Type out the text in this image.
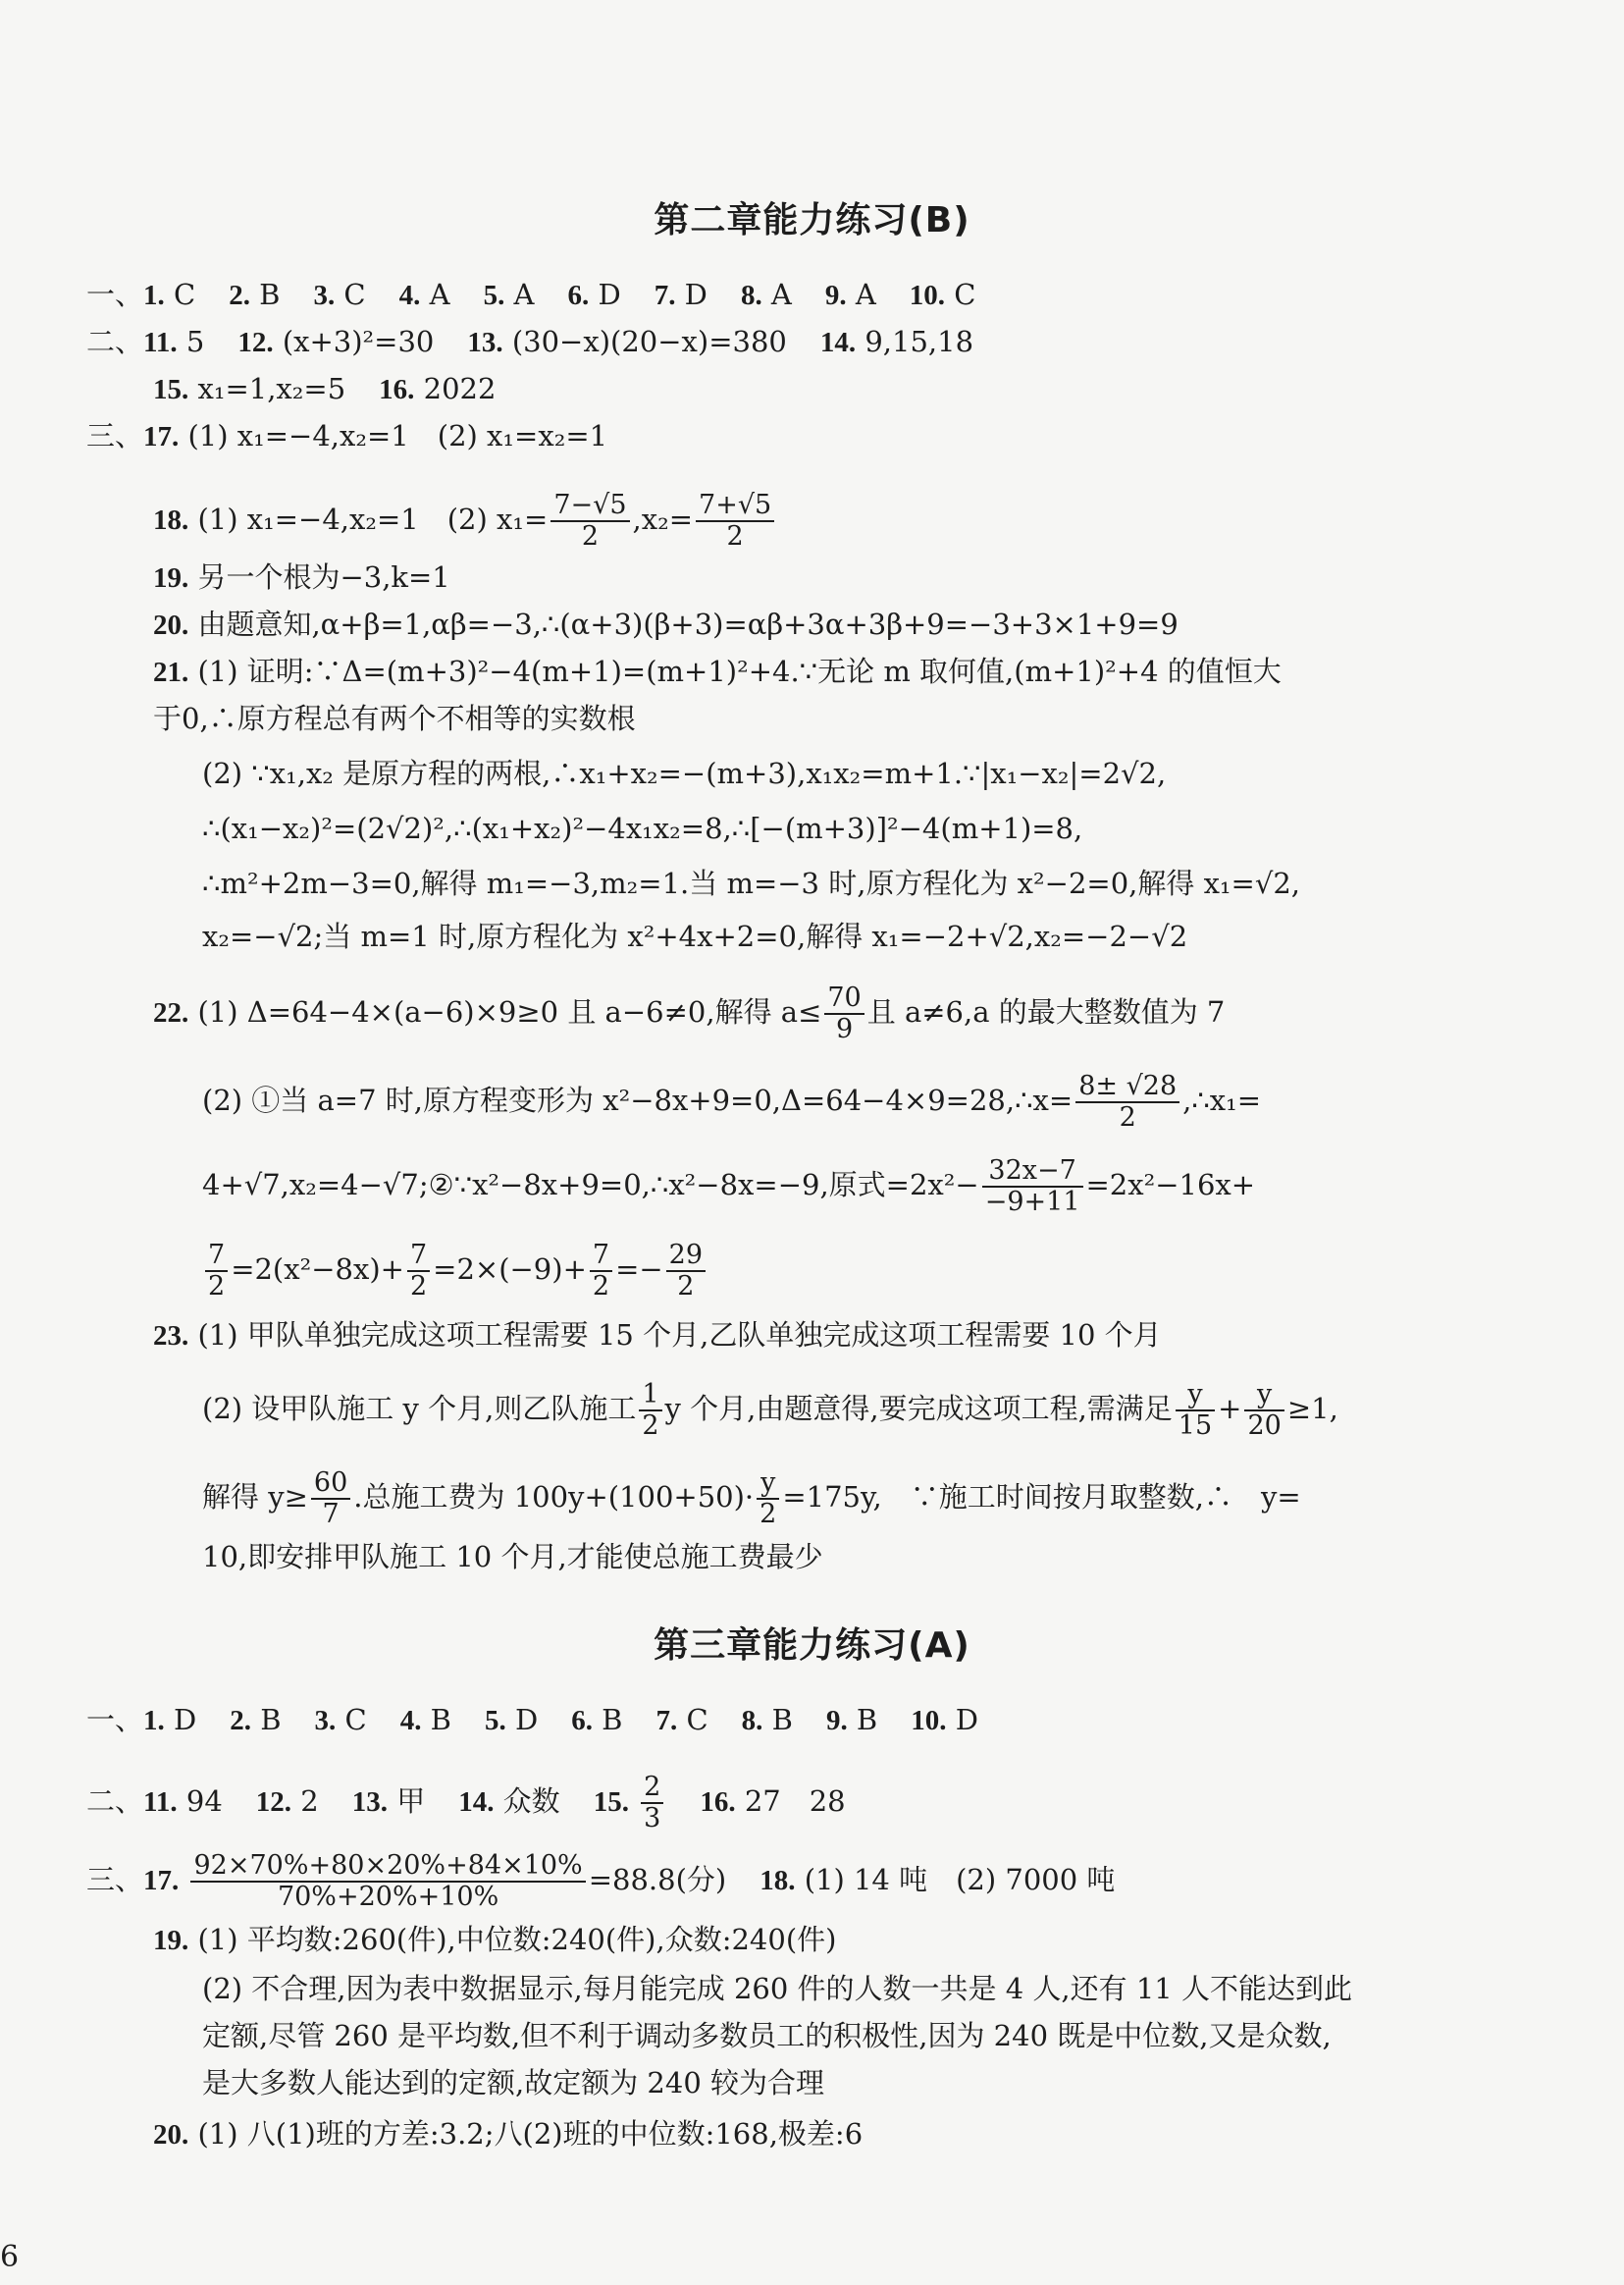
第二章能力练习(B)
一、1. C 2. B 3. C 4. A 5. A 6. D 7. D 8. A 9. A 10. C
二、11. 5 12. (x+3)²=30 13. (30−x)(20−x)=380 14. 9,15,18
15. x₁=1,x₂=5 16. 2022
三、17. (1) x₁=−4,x₂=1　(2) x₁=x₂=1
18. (1) x₁=−4,x₂=1　(2) $x_1= \frac{7-√5}{2} ,x_2= \frac{7+√5}{2}$
19. 另一个根为−3,k=1
20. 由题意知,α+β=1,αβ=−3,∴(α+3)(β+3)=αβ+3α+3β+9=−3+3×1+9=9
21. (1) 证明:∵Δ=(m+3)²−4(m+1)=(m+1)²+4.∵无论 m 取何值,(m+1)²+4 的值恒大
于0,∴原方程总有两个不相等的实数根
(2) ∵x₁,x₂ 是原方程的两根,∴x₁+x₂=−(m+3),x₁x₂=m+1.∵|x₁−x₂|=2√2,
∴(x₁−x₂)²=(2√2)²,∴(x₁+x₂)²−4x₁x₂=8,∴[−(m+3)]²−4(m+1)=8,
∴m²+2m−3=0,解得 m₁=−3,m₂=1.当 m=−3 时,原方程化为 x²−2=0,解得 x₁=√2,
x₂=−√2;当 m=1 时,原方程化为 x²+4x+2=0,解得 x₁=−2+√2,x₂=−2−√2
22. (1) Δ=64−4×(a−6)×9≥0 且 a−6≠0,解得 $a\le \frac{70}{9}$ 且 a≠6,a 的最大整数值为 7
(2) ①当 a=7 时,原方程变形为 x²−8x+9=0,Δ=64−4×9=28,∴x= $\frac{8\pm √28}{2}$ ,∴x₁=
4+√7,x₂=4−√7;②∵x²−8x+9=0,∴x²−8x=−9,原式$=2x^2- \frac{32x-7}{-9+11} =2x^2-16x+$
$\frac{7}{2} =2(x^2-8x)+ \frac{7}{2} =2\times(-9)+ \frac{7}{2} =- \frac{29}{2}$
23. (1) 甲队单独完成这项工程需要 15 个月,乙队单独完成这项工程需要 10 个月
(2) 设甲队施工 y 个月,则乙队施工 $\frac{1}{2}$ y 个月,由题意得,要完成这项工程,需满足 $\frac{y}{15} + \frac{y}{20} \ge 1$,
解得 $y\ge \frac{60}{7}$ .总施工费为 $100y+(100+50)\cdot \frac{y}{2} =175y$,　∵施工时间按月取整数,∴　y=
10,即安排甲队施工 10 个月,才能使总施工费最少
第三章能力练习(A)
一、1. D 2. B 3. C 4. B 5. D 6. B 7. C 8. B 9. B 10. D
二、11. 94 12. 2 13. 甲 14. 众数 15. $\frac{2}{3} 16$. 27　28
三、17. $\frac{92\times 70\%+80\times 20\%+84\times 10\%}{70\%+20\%+10\%} =88.8$(分) 18. (1) 14 吨　(2) 7000 吨
19. (1) 平均数:260(件),中位数:240(件),众数:240(件)
(2) 不合理,因为表中数据显示,每月能完成 260 件的人数一共是 4 人,还有 11 人不能达到此
定额,尽管 260 是平均数,但不利于调动多数员工的积极性,因为 240 既是中位数,又是众数,
是大多数人能达到的定额,故定额为 240 较为合理
20. (1) 八(1)班的方差:3.2;八(2)班的中位数:168,极差:6
6
